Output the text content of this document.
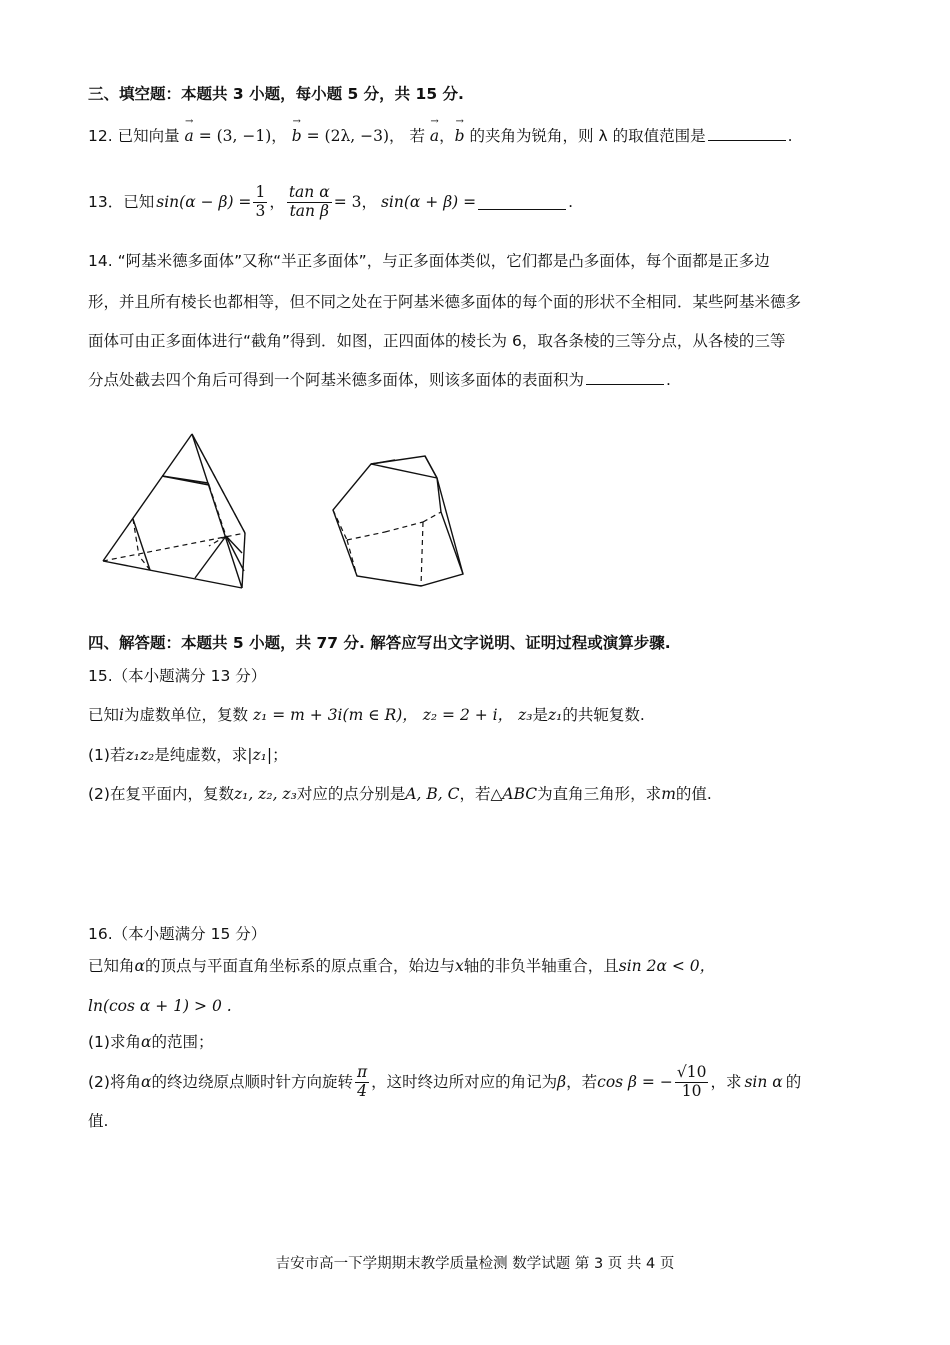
三、填空题：本题共 3 小题，每小题 5 分，共 15 分.
12. 已知向量 → a = (3, −1)， → b = (2λ, −3)， 若 → a，→ b 的夹角为锐角，则 λ 的取值范围是	.
13． 已知 $\sin(\alpha - \beta) = \frac{1}{3}$ ， $\frac{\text{tan α}}{\text{tan β}} = 3$， sin(α + β) =	.
14. “阿基米德多面体”又称“半正多面体”，与正多面体类似，它们都是凸多面体，每个面都是正多边
形，并且所有棱长也都相等，但不同之处在于阿基米德多面体的每个面的形状不全相同．某些阿基米德多
面体可由正多面体进行“截角”得到．如图，正四面体的棱长为 6，取各条棱的三等分点，从各棱的三等
分点处截去四个角后可得到一个阿基米德多面体，则该多面体的表面积为	.
四、解答题：本题共 5 小题，共 77 分. 解答应写出文字说明、证明过程或演算步骤.
15.（本小题满分 13 分）
已知i为虚数单位，复数 z₁ = m + 3i(m ∈ R)， z₂ = 2 + i， z₃是z₁的共轭复数.
(1)若z₁z₂是纯虚数，求|z₁|；
(2)在复平面内，复数z₁, z₂, z₃对应的点分别是A, B, C，若△ABC为直角三角形，求m的值.
16.（本小题满分 15 分）
已知角α的顶点与平面直角坐标系的原点重合，始边与x轴的非负半轴重合，且sin 2α < 0，
ln(cos α + 1) > 0 .
(1)求角α的范围；
(2)将角 α 的终边绕原点顺时针方向旋转 $\frac{\pi}{4}$ ，这时终边所对应的角记为 β ，若 cos β = − $\frac{√10}{10}$ ，求 sin α 的
值.
吉安市高一下学期期末教学质量检测 数学试题 第 3 页 共 4 页
